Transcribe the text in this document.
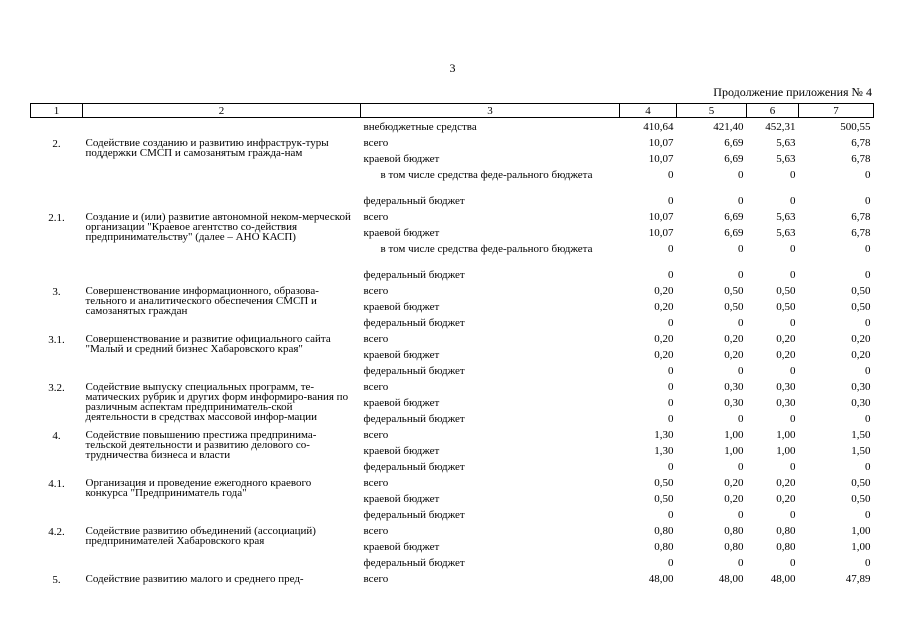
3
Продолжение приложения № 4
1	2	3	4	5	6	7

		внебюджетные средства	410,64	421,40	452,31	500,55
2.	Содействие созданию и развитию инфраструк-туры поддержки СМСП и самозанятым гражда-нам	всего	10,07	6,69	5,63	6,78
		краевой бюджет	10,07	6,69	5,63	6,78
		в том числе средства феде-рального бюджета	0	0	0	0
		федеральный бюджет	0	0	0	0
2.1.	Создание и (или) развитие автономной неком-мерческой организации "Краевое агентство со-действия предпринимательству" (далее – АНО КАСП)	всего	10,07	6,69	5,63	6,78
		краевой бюджет	10,07	6,69	5,63	6,78
		в том числе средства феде-рального бюджета	0	0	0	0
		федеральный бюджет	0	0	0	0
3.	Совершенствование информационного, образова-тельного и аналитического обеспечения СМСП и самозанятых граждан	всего	0,20	0,50	0,50	0,50
		краевой бюджет	0,20	0,50	0,50	0,50
		федеральный бюджет	0	0	0	0
3.1.	Совершенствование и развитие официального сайта "Малый и средний бизнес Хабаровского края"	всего	0,20	0,20	0,20	0,20
		краевой бюджет	0,20	0,20	0,20	0,20
		федеральный бюджет	0	0	0	0
3.2.	Содействие выпуску специальных программ, те-матических рубрик и других форм информиро-вания по различным аспектам предприниматель-ской деятельности в средствах массовой инфор-мации	всего	0	0,30	0,30	0,30
		краевой бюджет	0	0,30	0,30	0,30
		федеральный бюджет	0	0	0	0
4.	Содействие повышению престижа предпринима-тельской деятельности и развитию делового со-трудничества бизнеса и власти	всего	1,30	1,00	1,00	1,50
		краевой бюджет	1,30	1,00	1,00	1,50
		федеральный бюджет	0	0	0	0
4.1.	Организация и проведение ежегодного краевого конкурса "Предприниматель года"	всего	0,50	0,20	0,20	0,50
		краевой бюджет	0,50	0,20	0,20	0,50
		федеральный бюджет	0	0	0	0
4.2.	Содействие развитию объединений (ассоциаций) предпринимателей Хабаровского края	всего	0,80	0,80	0,80	1,00
		краевой бюджет	0,80	0,80	0,80	1,00
		федеральный бюджет	0	0	0	0
5.	Содействие развитию малого и среднего пред-	всего	48,00	48,00	48,00	47,89
